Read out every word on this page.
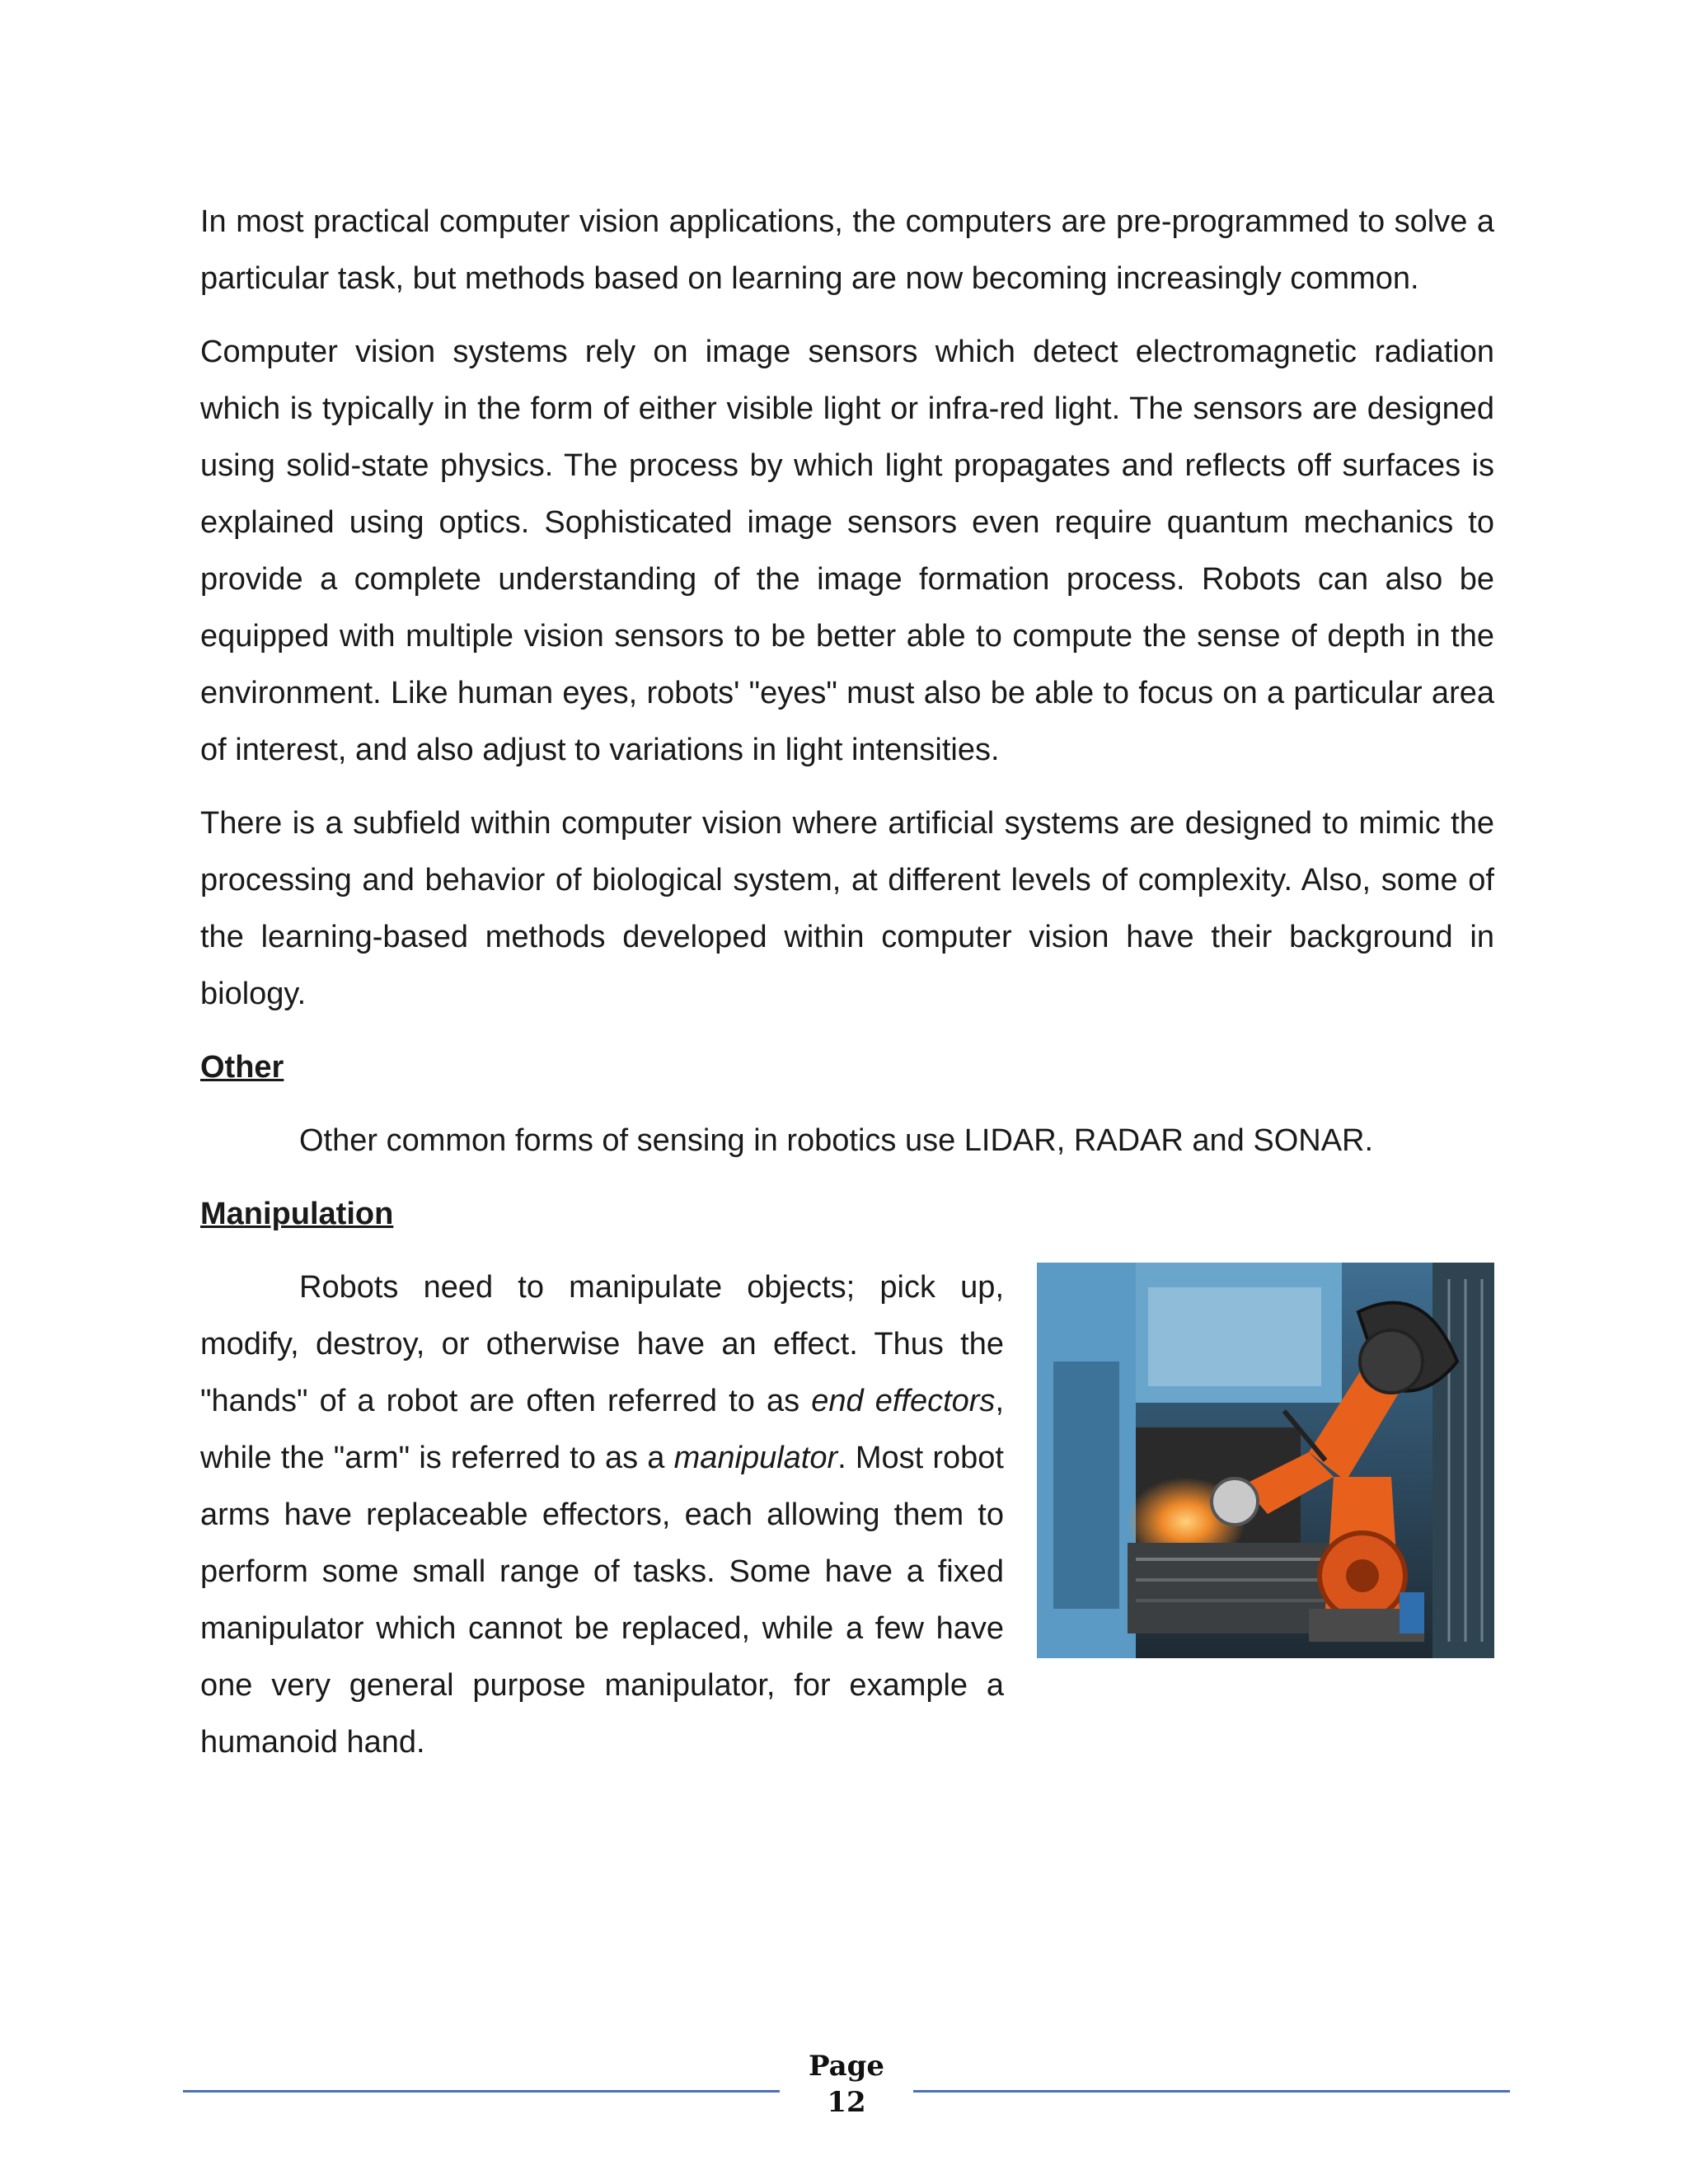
In most practical computer vision applications, the computers are pre-programmed to solve a particular task, but methods based on learning are now becoming increasingly common.

Computer vision systems rely on image sensors which detect electromagnetic radiation which is typically in the form of either visible light or infra-red light. The sensors are designed using solid-state physics. The process by which light propagates and reflects off surfaces is explained using optics. Sophisticated image sensors even require quantum mechanics to provide a complete understanding of the image formation process. Robots can also be equipped with multiple vision sensors to be better able to compute the sense of depth in the environment. Like human eyes, robots' "eyes" must also be able to focus on a particular area of interest, and also adjust to variations in light intensities.

There is a subfield within computer vision where artificial systems are designed to mimic the processing and behavior of biological system, at different levels of complexity. Also, some of the learning-based methods developed within computer vision have their background in biology.

Other

Other common forms of sensing in robotics use LIDAR, RADAR and SONAR.

Manipulation

Robots need to manipulate objects; pick up, modify, destroy, or otherwise have an effect. Thus the "hands" of a robot are often referred to as end effectors, while the "arm" is referred to as a manipulator. Most robot arms have replaceable effectors, each allowing them to perform some small range of tasks. Some have a fixed manipulator which cannot be replaced, while a few have one very general purpose manipulator, for example a humanoid hand.

Page
12
